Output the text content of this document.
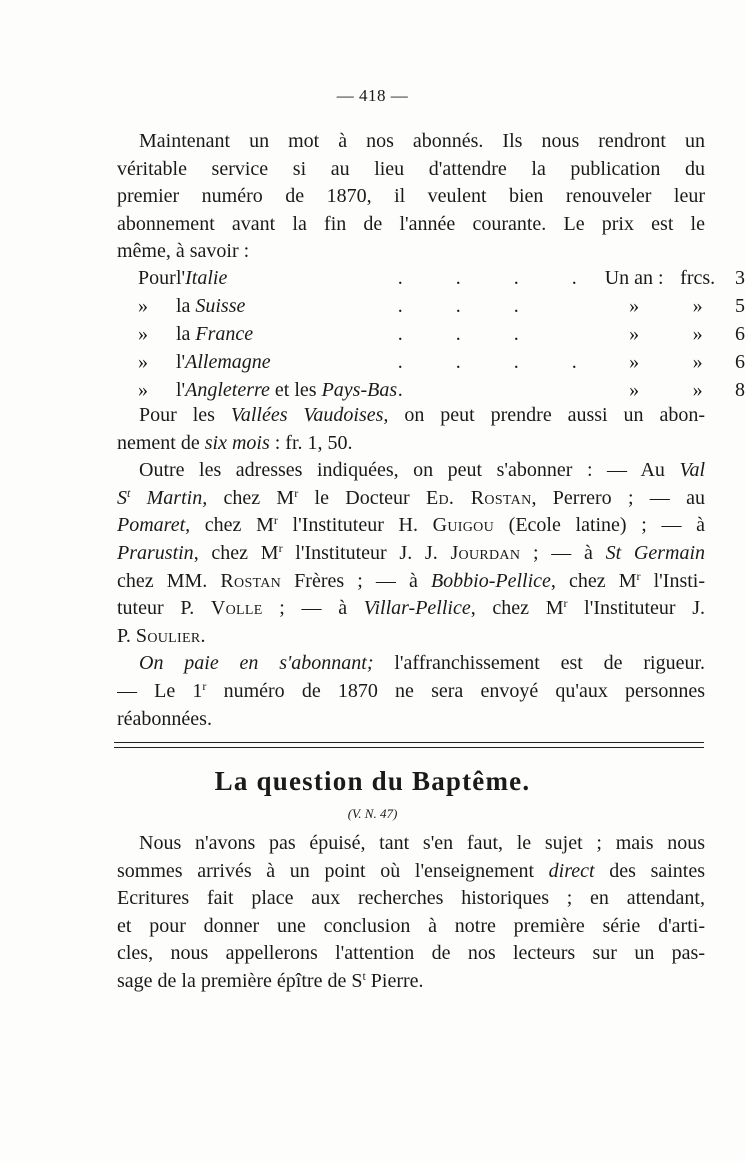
— 418 —
Maintenant un mot à nos abonnés. Ils nous rendront un
véritable service si au lieu d'attendre la publication du
premier numéro de 1870, il veulent bien renouveler leur
abonnement avant la fin de l'année courante. Le prix est le
même, à savoir :
Pour	l'Italie	. . . .	Un an :	frcs.	3
»	la Suisse	. . .	»	»	5
»	la France	. . .	»	»	6
»	l'Allemagne	. . . .	»	»	6
»	l'Angleterre et les Pays-Bas	.	»	»	8
Pour les Vallées Vaudoises, on peut prendre aussi un abon-
nement de six mois : fr. 1, 50.
Outre les adresses indiquées, on peut s'abonner : — Au Val
$S^t$ Martin, chez $M^r$ le Docteur Ed. Rostan, Perrero ; — au
Pomaret, chez $M^r$ l'Instituteur H. Guigou (Ecole latine) ; — à
Prarustin, chez $M^r$ l'Instituteur J. J. Jourdan ; — à St Germain
chez MM. Rostan Frères ; — à Bobbio-Pellice, chez $M^r$ l'Insti-
tuteur P. Volle ; — à Villar-Pellice, chez $M^r$ l'Instituteur J.
P. Soulier.
On paie en s'abonnant; l'affranchissement est de rigueur.
— Le 1$^r$ numéro de 1870 ne sera envoyé qu'aux personnes
réabonnées.
La question du Baptême.
(V. N. 47)
Nous n'avons pas épuisé, tant s'en faut, le sujet ; mais nous
sommes arrivés à un point où l'enseignement direct des saintes
Ecritures fait place aux recherches historiques ; en attendant,
et pour donner une conclusion à notre première série d'arti-
cles, nous appellerons l'attention de nos lecteurs sur un pas-
sage de la première épître de $S^t$ Pierre.
